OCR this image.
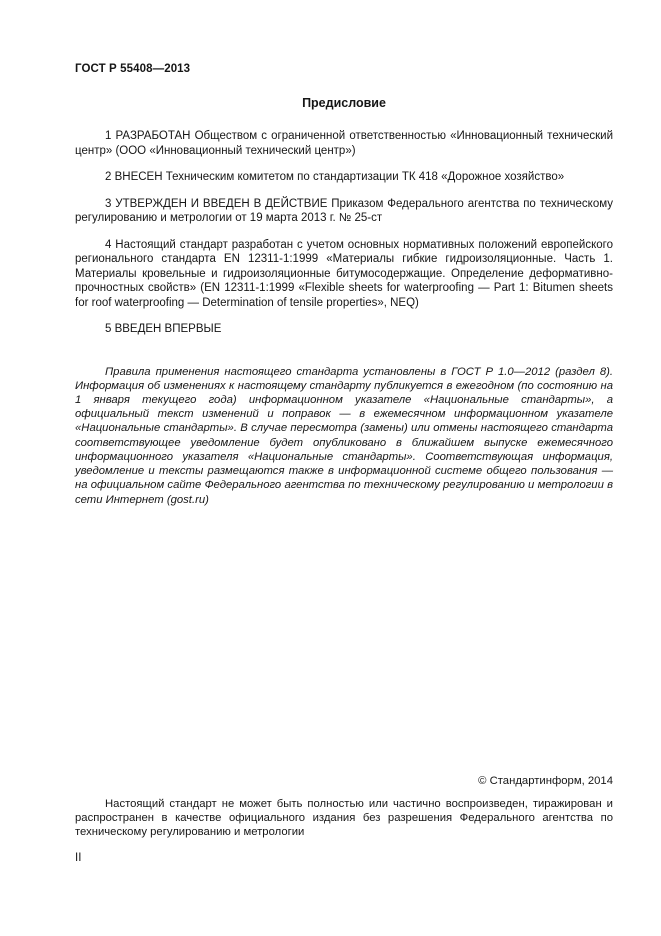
ГОСТ Р 55408—2013
Предисловие

1 РАЗРАБОТАН Обществом с ограниченной ответственностью «Инновационный технический центр» (ООО «Инновационный технический центр»)

2 ВНЕСЕН Техническим комитетом по стандартизации ТК 418 «Дорожное хозяйство»

3 УТВЕРЖДЕН И ВВЕДЕН В ДЕЙСТВИЕ Приказом Федерального агентства по техническому регулированию и метрологии от 19 марта 2013 г. № 25-ст

4 Настоящий стандарт разработан с учетом основных нормативных положений европейского регионального стандарта EN 12311-1:1999 «Материалы гибкие гидроизоляционные. Часть 1. Материалы кровельные и гидроизоляционные битумосодержащие. Определение деформативно-прочностных свойств» (EN 12311-1:1999 «Flexible sheets for waterproofing — Part 1: Bitumen sheets for roof waterproofing — Determination of tensile properties», NEQ)

5 ВВЕДЕН ВПЕРВЫЕ

Правила применения настоящего стандарта установлены в ГОСТ Р 1.0—2012 (раздел 8). Информация об изменениях к настоящему стандарту публикуется в ежегодном (по состоянию на 1 января текущего года) информационном указателе «Национальные стандарты», а официальный текст изменений и поправок — в ежемесячном информационном указателе «Национальные стандарты». В случае пересмотра (замены) или отмены настоящего стандарта соответствующее уведомление будет опубликовано в ближайшем выпуске ежемесячного информационного указателя «Национальные стандарты». Соответствующая информация, уведомление и тексты размещаются также в информационной системе общего пользования — на официальном сайте Федерального агентства по техническому регулированию и метрологии в сети Интернет (gost.ru)

© Стандартинформ, 2014

Настоящий стандарт не может быть полностью или частично воспроизведен, тиражирован и распространен в качестве официального издания без разрешения Федерального агентства по техническому регулированию и метрологии

II
